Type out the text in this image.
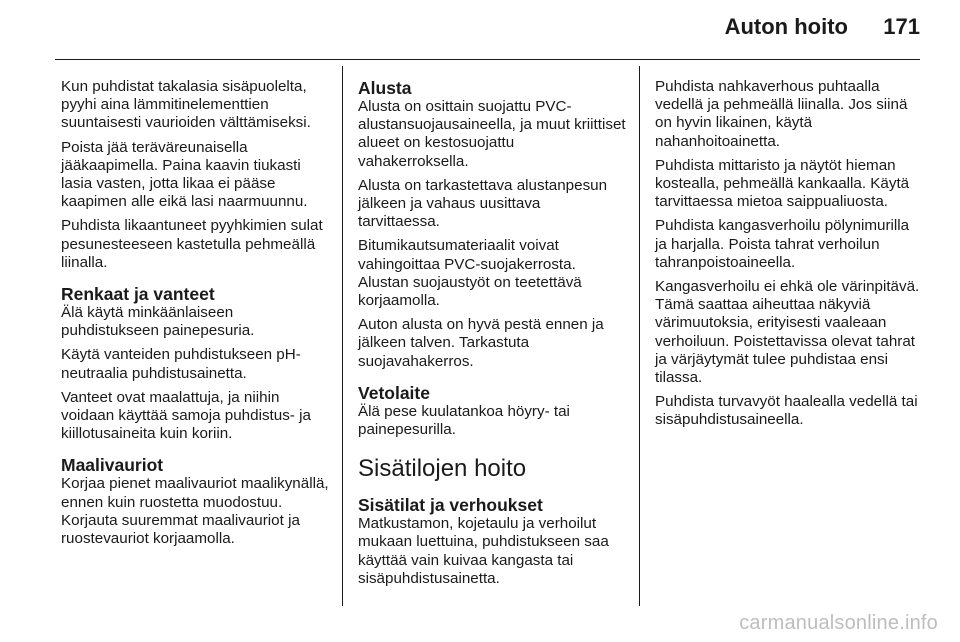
Auton hoito 171

Kun puhdistat takalasia sisäpuolelta, pyyhi aina lämmitinelementtien suuntaisesti vaurioiden välttämiseksi.

Poista jää teräväreunaisella jääkaapimella. Paina kaavin tiukasti lasia vasten, jotta likaa ei pääse kaapimen alle eikä lasi naarmuunnu.

Puhdista likaantuneet pyyhkimien sulat pesunesteeseen kastetulla pehmeällä liinalla.

Renkaat ja vanteet

Älä käytä minkäänlaiseen puhdistukseen painepesuria.

Käytä vanteiden puhdistukseen pH-neutraalia puhdistusainetta.

Vanteet ovat maalattuja, ja niihin voidaan käyttää samoja puhdistus- ja kiillotusaineita kuin koriin.

Maalivauriot

Korjaa pienet maalivauriot maalikynällä, ennen kuin ruostetta muodostuu. Korjauta suuremmat maalivauriot ja ruostevauriot korjaamolla.

Alusta

Alusta on osittain suojattu PVC-alustansuojausaineella, ja muut kriittiset alueet on kestosuojattu vahakerroksella.

Alusta on tarkastettava alustanpesun jälkeen ja vahaus uusittava tarvittaessa.

Bitumikautsumateriaalit voivat vahingoittaa PVC-suojakerrosta. Alustan suojaustyöt on teetettävä korjaamolla.

Auton alusta on hyvä pestä ennen ja jälkeen talven. Tarkastuta suojavahakerros.

Vetolaite

Älä pese kuulatankoa höyry- tai painepesurilla.

Sisätilojen hoito
Sisätilat ja verhoukset

Matkustamon, kojetaulu ja verhoilut mukaan luettuina, puhdistukseen saa käyttää vain kuivaa kangasta tai sisäpuhdistusainetta.

Puhdista nahkaverhous puhtaalla vedellä ja pehmeällä liinalla. Jos siinä on hyvin likainen, käytä nahanhoitoainetta.

Puhdista mittaristo ja näytöt hieman kostealla, pehmeällä kankaalla. Käytä tarvittaessa mietoa saippualiuosta.

Puhdista kangasverhoilu pölynimurilla ja harjalla. Poista tahrat verhoilun tahranpoistoaineella.

Kangasverhoilu ei ehkä ole värinpitävä. Tämä saattaa aiheuttaa näkyviä värimuutoksia, erityisesti vaaleaan verhoiluun. Poistettavissa olevat tahrat ja värjäytymät tulee puhdistaa ensi tilassa.

Puhdista turvavyöt haalealla vedellä tai sisäpuhdistusaineella.

carmanualsonline.info
